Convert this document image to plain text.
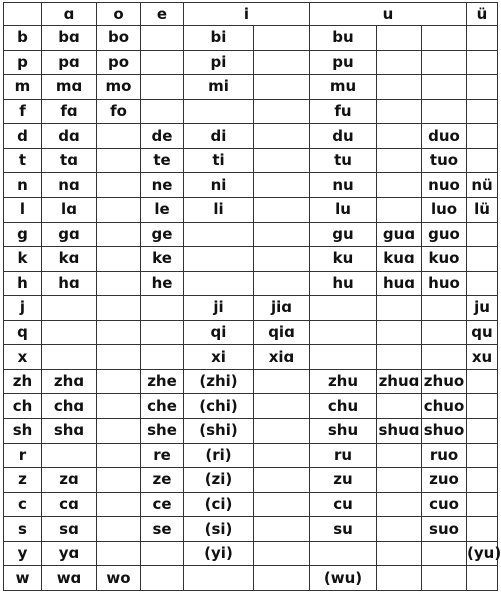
	ɑ	o	e	i		u			ü
b	bɑ	bo		bi		bu			
p	pɑ	po		pi		pu			
m	mɑ	mo		mi		mu			
f	fɑ	fo				fu			
d	dɑ		de	di		du		duo	
t	tɑ		te	ti		tu		tuo	
n	nɑ		ne	ni		nu		nuo	nü
l	lɑ		le	li		lu		luo	lü
g	gɑ		ge			gu	guɑ	guo	
k	kɑ		ke			ku	kuɑ	kuo	
h	hɑ		he			hu	huɑ	huo	
j				ji	jiɑ				ju
q				qi	qiɑ				qu
x				xi	xiɑ				xu
zh	zhɑ		zhe	(zhi)		zhu	zhuɑ	zhuo	
ch	chɑ		che	(chi)		chu		chuo	
sh	shɑ		she	(shi)		shu	shuɑ	shuo	
r			re	(ri)		ru		ruo	
z	zɑ		ze	(zi)		zu		zuo	
c	cɑ		ce	(ci)		cu		cuo	
s	sɑ		se	(si)		su		suo	
y	yɑ			(yi)					(yu)
w	wɑ	wo				(wu)			
